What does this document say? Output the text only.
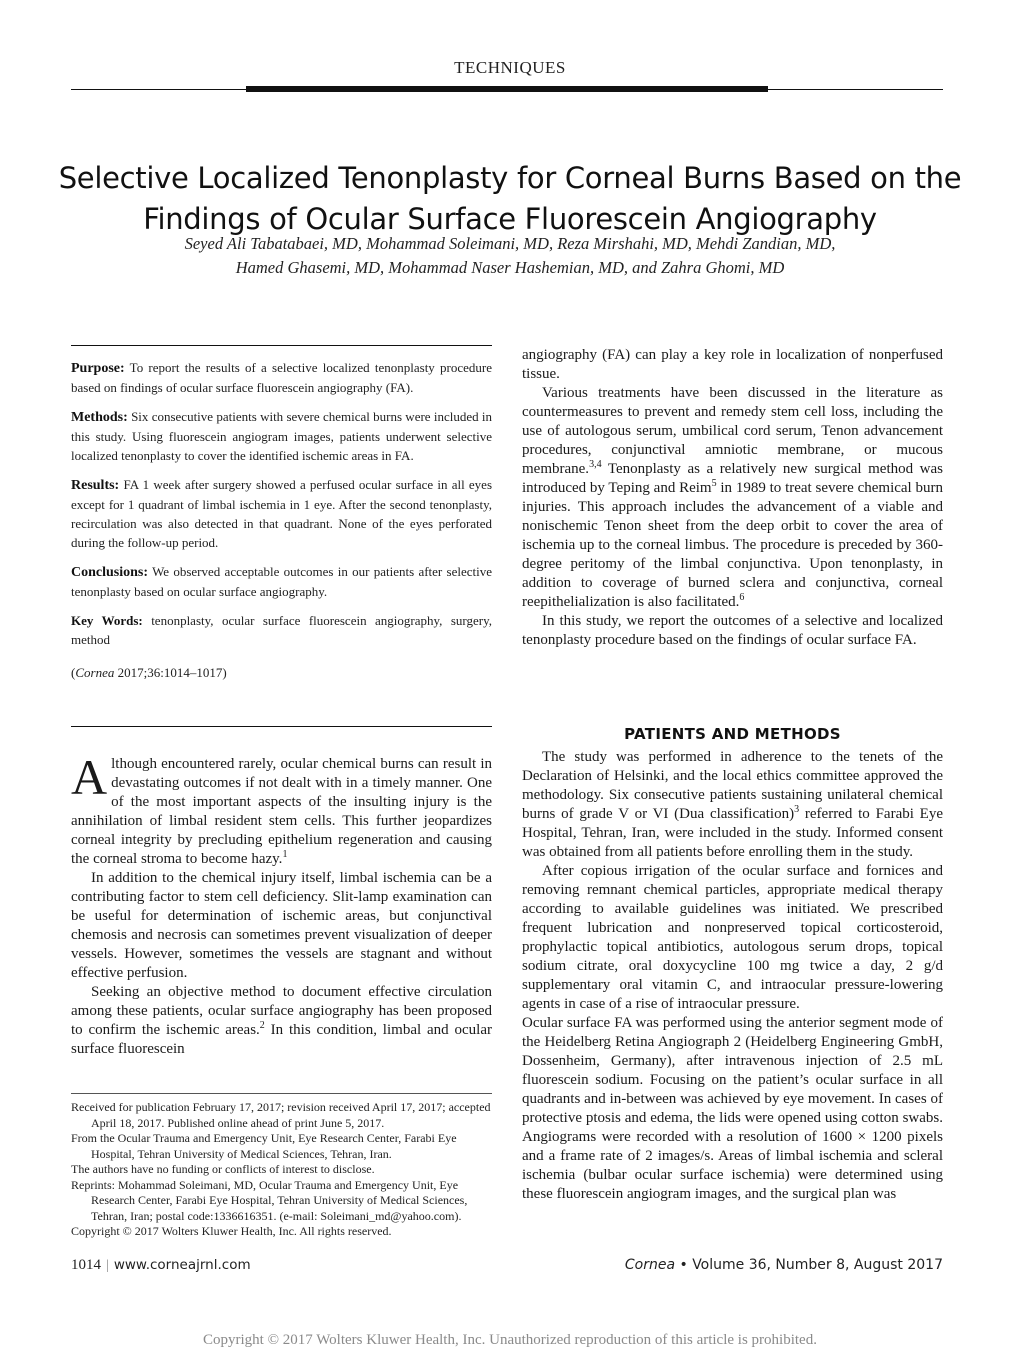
TECHNIQUES
Selective Localized Tenonplasty for Corneal Burns Based on the Findings of Ocular Surface Fluorescein Angiography
Seyed Ali Tabatabaei, MD, Mohammad Soleimani, MD, Reza Mirshahi, MD, Mehdi Zandian, MD,
Hamed Ghasemi, MD, Mohammad Naser Hashemian, MD, and Zahra Ghomi, MD
Purpose: To report the results of a selective localized tenonplasty procedure based on findings of ocular surface fluorescein angiography (FA).
Methods: Six consecutive patients with severe chemical burns were included in this study. Using fluorescein angiogram images, patients underwent selective localized tenonplasty to cover the identified ischemic areas in FA.
Results: FA 1 week after surgery showed a perfused ocular surface in all eyes except for 1 quadrant of limbal ischemia in 1 eye. After the second tenonplasty, recirculation was also detected in that quadrant. None of the eyes perforated during the follow-up period.
Conclusions: We observed acceptable outcomes in our patients after selective tenonplasty based on ocular surface angiography.
Key Words: tenonplasty, ocular surface fluorescein angiography, surgery, method
(Cornea 2017;36:1014–1017)

Although encountered rarely, ocular chemical burns can result in devastating outcomes if not dealt with in a timely manner. One of the most important aspects of the insulting injury is the annihilation of limbal resident stem cells. This further jeopardizes corneal integrity by precluding epithelium regeneration and causing the corneal stroma to become hazy.$^1$

In addition to the chemical injury itself, limbal ischemia can be a contributing factor to stem cell deficiency. Slit-lamp examination can be useful for determination of ischemic areas, but conjunctival chemosis and necrosis can sometimes prevent visualization of deeper vessels. However, sometimes the vessels are stagnant and without effective perfusion.

Seeking an objective method to document effective circulation among these patients, ocular surface angiography has been proposed to confirm the ischemic areas.$^2$ In this condition, limbal and ocular surface fluorescein

Received for publication February 17, 2017; revision received April 17, 2017; accepted April 18, 2017. Published online ahead of print June 5, 2017.
From the Ocular Trauma and Emergency Unit, Eye Research Center, Farabi Eye Hospital, Tehran University of Medical Sciences, Tehran, Iran.
The authors have no funding or conflicts of interest to disclose.
Reprints: Mohammad Soleimani, MD, Ocular Trauma and Emergency Unit, Eye Research Center, Farabi Eye Hospital, Tehran University of Medical Sciences, Tehran, Iran; postal code:1336616351. (e-mail: Soleimani_md@yahoo.com).
Copyright © 2017 Wolters Kluwer Health, Inc. All rights reserved.

angiography (FA) can play a key role in localization of nonperfused tissue.

Various treatments have been discussed in the literature as countermeasures to prevent and remedy stem cell loss, including the use of autologous serum, umbilical cord serum, Tenon advancement procedures, conjunctival amniotic membrane, or mucous membrane.$^{3,4}$ Tenonplasty as a relatively new surgical method was introduced by Teping and Reim$^5$ in 1989 to treat severe chemical burn injuries. This approach includes the advancement of a viable and nonischemic Tenon sheet from the deep orbit to cover the area of ischemia up to the corneal limbus. The procedure is preceded by 360-degree peritomy of the limbal conjunctiva. Upon tenonplasty, in addition to coverage of burned sclera and conjunctiva, corneal reepithelialization is also facilitated.$^6$

In this study, we report the outcomes of a selective and localized tenonplasty procedure based on the findings of ocular surface FA.

PATIENTS AND METHODS

The study was performed in adherence to the tenets of the Declaration of Helsinki, and the local ethics committee approved the methodology. Six consecutive patients sustaining unilateral chemical burns of grade V or VI (Dua classification)$^3$ referred to Farabi Eye Hospital, Tehran, Iran, were included in the study. Informed consent was obtained from all patients before enrolling them in the study.

After copious irrigation of the ocular surface and fornices and removing remnant chemical particles, appropriate medical therapy according to available guidelines was initiated. We prescribed frequent lubrication and nonpreserved topical corticosteroid, prophylactic topical antibiotics, autologous serum drops, topical sodium citrate, oral doxycycline 100 mg twice a day, 2 g/d supplementary oral vitamin C, and intraocular pressure-lowering agents in case of a rise of intraocular pressure.

Ocular surface FA was performed using the anterior segment mode of the Heidelberg Retina Angiograph 2 (Heidelberg Engineering GmbH, Dossenheim, Germany), after intravenous injection of 2.5 mL fluorescein sodium. Focusing on the patient’s ocular surface in all quadrants and in-between was achieved by eye movement. In cases of protective ptosis and edema, the lids were opened using cotton swabs. Angiograms were recorded with a resolution of 1600 × 1200 pixels and a frame rate of 2 images/s. Areas of limbal ischemia and scleral ischemia (bulbar ocular surface ischemia) were determined using these fluorescein angiogram images, and the surgical plan was

1014 | www.corneajrnl.com	Cornea • Volume 36, Number 8, August 2017
Copyright © 2017 Wolters Kluwer Health, Inc. Unauthorized reproduction of this article is prohibited.
